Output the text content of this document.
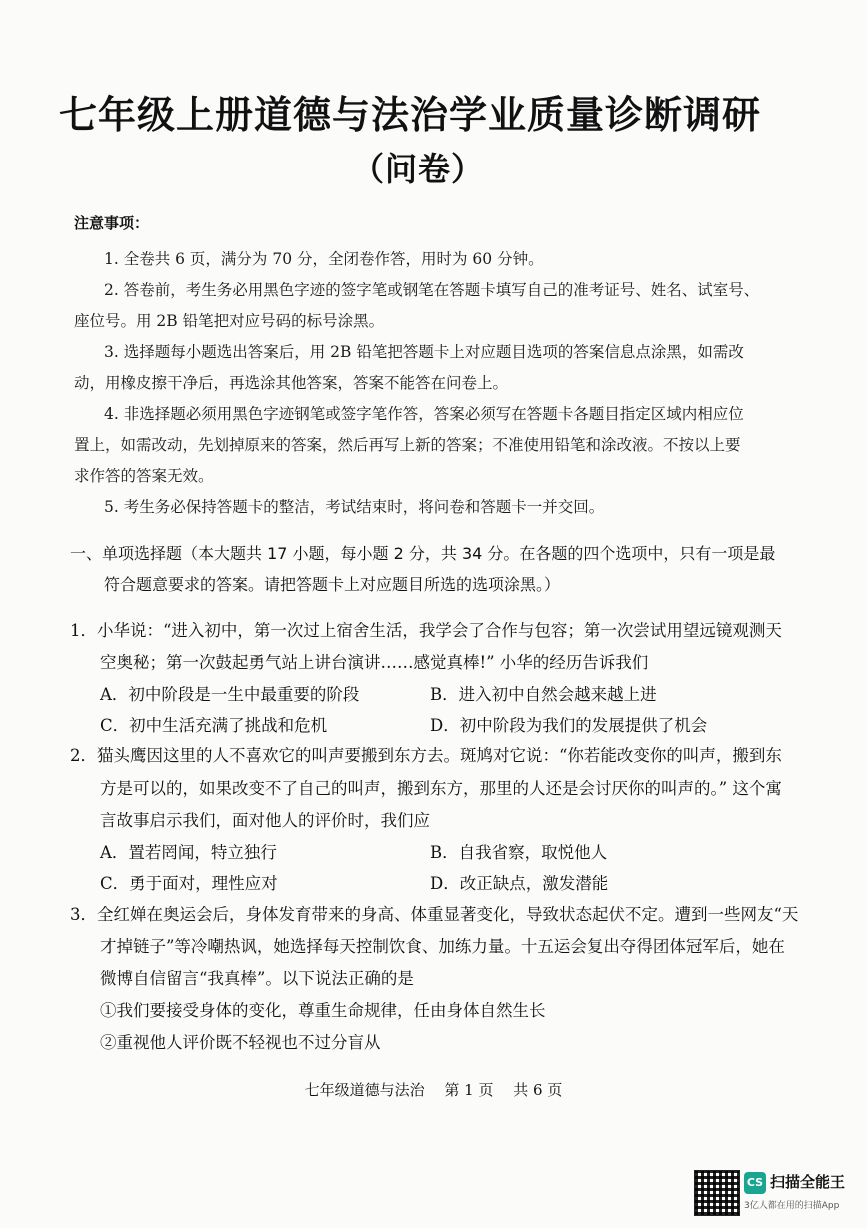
七年级上册道德与法治学业质量诊断调研
（问卷）
注意事项：
1. 全卷共 6 页，满分为 70 分，全闭卷作答，用时为 60 分钟。
2. 答卷前，考生务必用黑色字迹的签字笔或钢笔在答题卡填写自己的准考证号、姓名、试室号、
座位号。用 2B 铅笔把对应号码的标号涂黑。
3. 选择题每小题选出答案后，用 2B 铅笔把答题卡上对应题目选项的答案信息点涂黑，如需改
动，用橡皮擦干净后，再选涂其他答案，答案不能答在问卷上。
4. 非选择题必须用黑色字迹钢笔或签字笔作答，答案必须写在答题卡各题目指定区域内相应位
置上，如需改动，先划掉原来的答案，然后再写上新的答案；不准使用铅笔和涂改液。不按以上要
求作答的答案无效。
5. 考生务必保持答题卡的整洁，考试结束时，将问卷和答题卡一并交回。
一、单项选择题（本大题共 17 小题，每小题 2 分，共 34 分。在各题的四个选项中，只有一项是最
符合题意要求的答案。请把答题卡上对应题目所选的选项涂黑。）
1．小华说：“进入初中，第一次过上宿舍生活，我学会了合作与包容；第一次尝试用望远镜观测天
空奥秘；第一次鼓起勇气站上讲台演讲……感觉真棒!” 小华的经历告诉我们
A．初中阶段是一生中最重要的阶段	B．进入初中自然会越来越上进
C．初中生活充满了挑战和危机	D．初中阶段为我们的发展提供了机会
2．猫头鹰因这里的人不喜欢它的叫声要搬到东方去。斑鸠对它说：“你若能改变你的叫声，搬到东
方是可以的，如果改变不了自己的叫声，搬到东方，那里的人还是会讨厌你的叫声的。” 这个寓
言故事启示我们，面对他人的评价时，我们应
A．置若罔闻，特立独行	B．自我省察，取悦他人
C．勇于面对，理性应对	D．改正缺点，激发潜能
3．全红婵在奥运会后，身体发育带来的身高、体重显著变化，导致状态起伏不定。遭到一些网友“天
才掉链子”等冷嘲热讽，她选择每天控制饮食、加练力量。十五运会复出夺得团体冠军后，她在
微博自信留言“我真棒”。以下说法正确的是
①我们要接受身体的变化，尊重生命规律，任由身体自然生长
②重视他人评价既不轻视也不过分盲从
七年级道德与法治　 第 1 页　 共 6 页
CS 扫描全能王
3亿人都在用的扫描App
